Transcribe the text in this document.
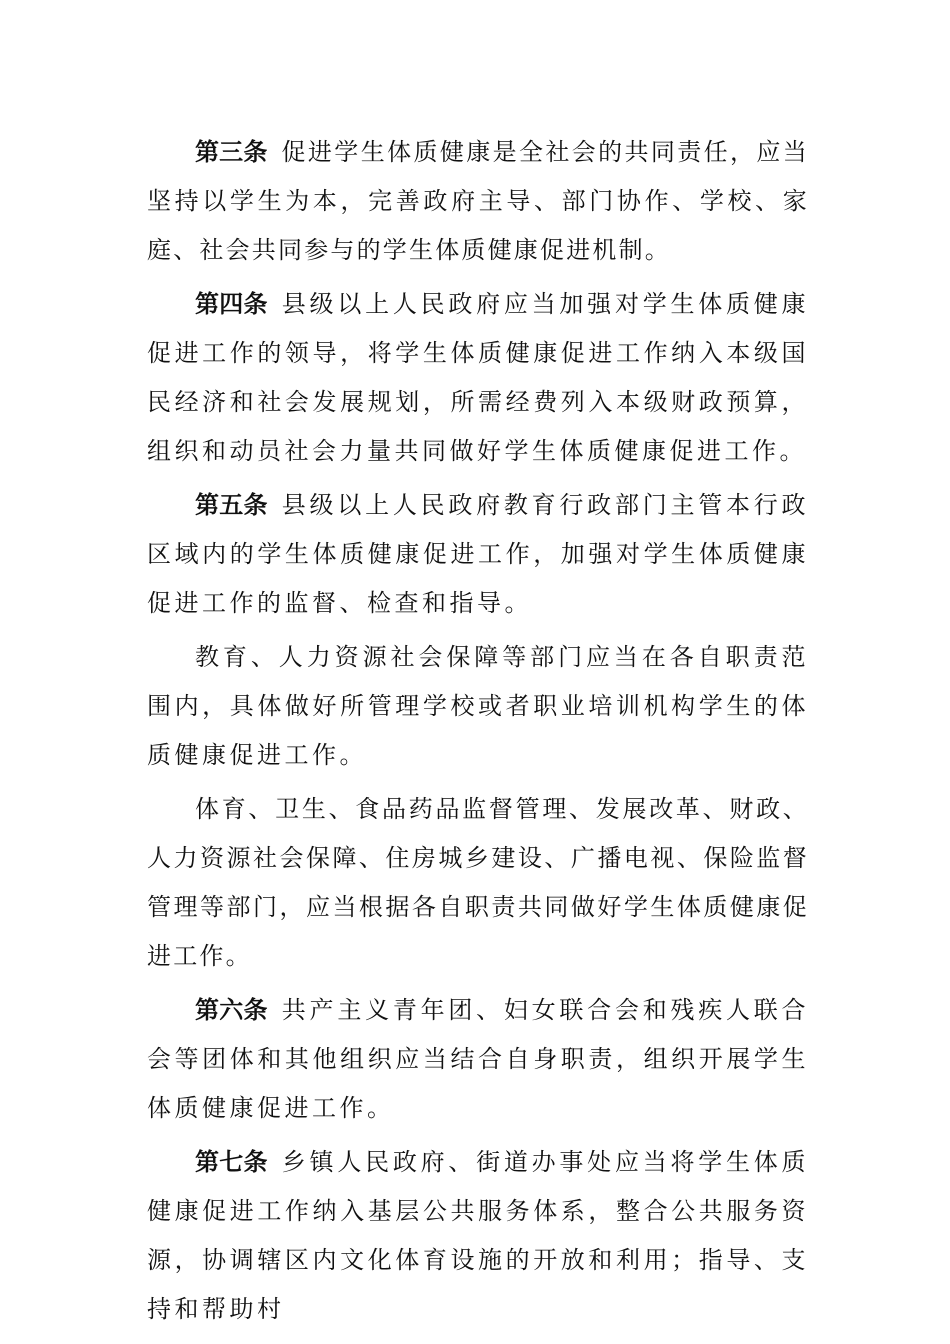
第三条 促进学生体质健康是全社会的共同责任，应当坚持以学生为本，完善政府主导、部门协作、学校、家庭、社会共同参与的学生体质健康促进机制。

第四条 县级以上人民政府应当加强对学生体质健康促进工作的领导，将学生体质健康促进工作纳入本级国民经济和社会发展规划，所需经费列入本级财政预算，组织和动员社会力量共同做好学生体质健康促进工作。

第五条 县级以上人民政府教育行政部门主管本行政区域内的学生体质健康促进工作，加强对学生体质健康促进工作的监督、检查和指导。

教育、人力资源社会保障等部门应当在各自职责范围内，具体做好所管理学校或者职业培训机构学生的体质健康促进工作。

体育、卫生、食品药品监督管理、发展改革、财政、人力资源社会保障、住房城乡建设、广播电视、保险监督管理等部门，应当根据各自职责共同做好学生体质健康促进工作。

第六条 共产主义青年团、妇女联合会和残疾人联合会等团体和其他组织应当结合自身职责，组织开展学生体质健康促进工作。

第七条 乡镇人民政府、街道办事处应当将学生体质健康促进工作纳入基层公共服务体系，整合公共服务资源，协调辖区内文化体育设施的开放和利用；指导、支持和帮助村
